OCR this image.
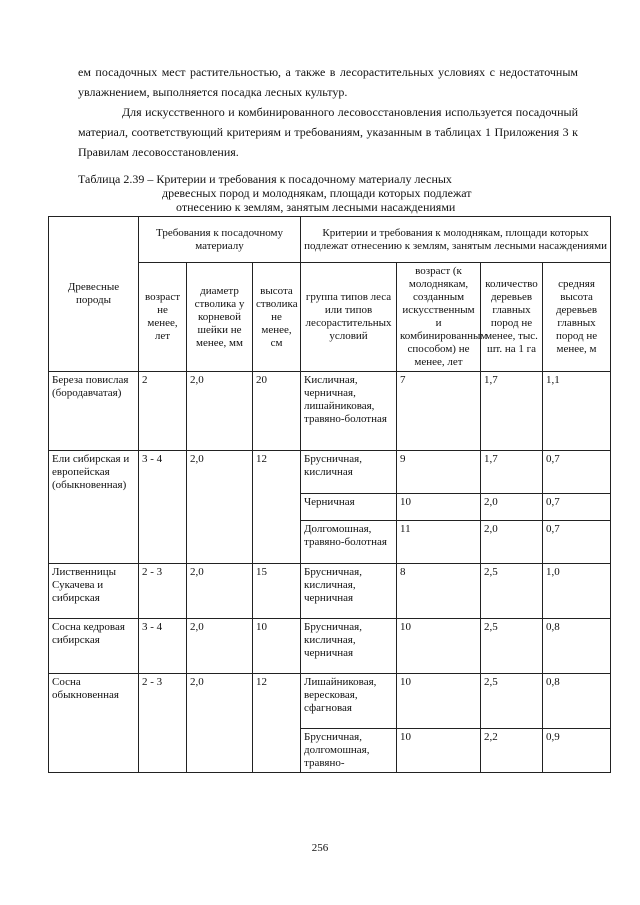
ем посадочных мест растительностью, а также в лесорастительных условиях с недостаточным увлажнением, выполняется посадка лесных культур.

Для искусственного и комбинированного лесовосстановления используется посадочный материал, соответствующий критериям и требованиям, указанным в таблицах 1 Приложения 3 к Правилам лесовосстановления.

Таблица 2.39 – Критерии и требования к посадочному материалу лесных
древесных пород и молоднякам, площади которых подлежат
отнесению к землям, занятым лесными насаждениями
Древесные породы	Требования к посадочному материалу			Критерии и требования к молоднякам, площади которых подлежат отнесению к землям, занятым лесными насаждениями			
	возраст не менее, лет	диаметр стволика у корневой шейки не менее, мм	высота стволика не менее, см	группа типов леса или типов лесорастительных условий	возраст (к молоднякам, созданным искусственным и комбинированным способом) не менее, лет	количество деревьев главных пород не менее, тыс. шт. на 1 га	средняя высота деревьев главных пород не менее, м
Береза повислая (бородавчатая)	2	2,0	20	Кисличная, черничная, лишайниковая, травяно-болотная	7	1,7	1,1
Ели сибирская и европейская (обыкновенная)	3 - 4	2,0	12	Брусничная, кисличная	9	1,7	0,7
				Черничная	10	2,0	0,7
				Долгомошная, травяно-болотная	11	2,0	0,7
Лиственницы Сукачева и сибирская	2 - 3	2,0	15	Брусничная, кисличная, черничная	8	2,5	1,0
Сосна кедровая сибирская	3 - 4	2,0	10	Брусничная, кисличная, черничная	10	2,5	0,8
Сосна обыкновенная	2 - 3	2,0	12	Лишайниковая, вересковая, сфагновая	10	2,5	0,8
				Брусничная, долгомошная, травяно-	10	2,2	0,9
256
